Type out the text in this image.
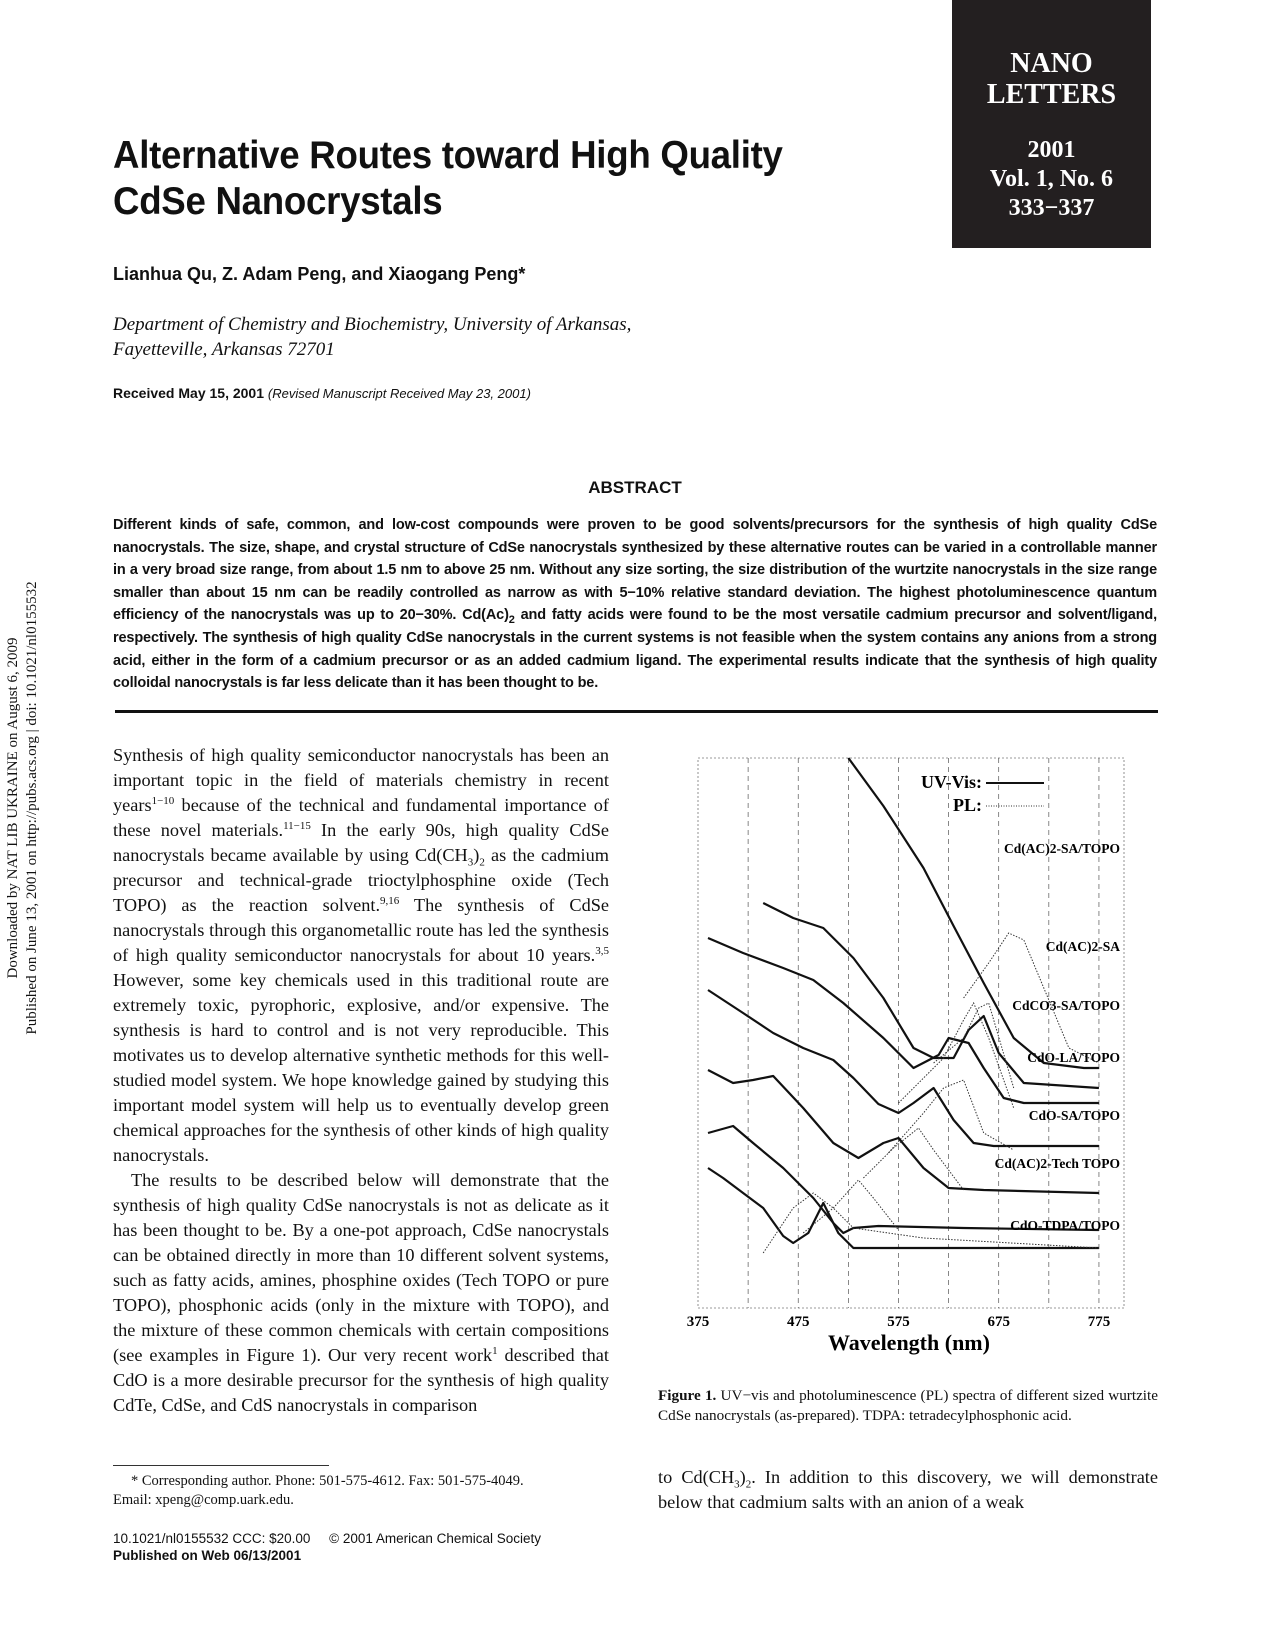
NANO
LETTERS
2001
Vol. 1, No. 6
333−337
Alternative Routes toward High Quality
CdSe Nanocrystals
Lianhua Qu, Z. Adam Peng, and Xiaogang Peng*
Department of Chemistry and Biochemistry, University of Arkansas,
Fayetteville, Arkansas 72701
Received May 15, 2001 (Revised Manuscript Received May 23, 2001)
Downloaded by NAT LIB UKRAINE on August 6, 2009 Published on June 13, 2001 on http://pubs.acs.org | doi: 10.1021/nl0155532
ABSTRACT
Different kinds of safe, common, and low-cost compounds were proven to be good solvents/precursors for the synthesis of high quality CdSe nanocrystals. The size, shape, and crystal structure of CdSe nanocrystals synthesized by these alternative routes can be varied in a controllable manner in a very broad size range, from about 1.5 nm to above 25 nm. Without any size sorting, the size distribution of the wurtzite nanocrystals in the size range smaller than about 15 nm can be readily controlled as narrow as with 5−10% relative standard deviation. The highest photoluminescence quantum efficiency of the nanocrystals was up to 20−30%. $Cd(Ac)_2$ and fatty acids were found to be the most versatile cadmium precursor and solvent/ligand, respectively. The synthesis of high quality CdSe nanocrystals in the current systems is not feasible when the system contains any anions from a strong acid, either in the form of a cadmium precursor or as an added cadmium ligand. The experimental results indicate that the synthesis of high quality colloidal nanocrystals is far less delicate than it has been thought to be.

Synthesis of high quality semiconductor nanocrystals has been an important topic in the field of materials chemistry in recent years$^{1-10}$ because of the technical and fundamental importance of these novel materials.$^{11-15}$ In the early 90s, high quality CdSe nanocrystals became available by using $Cd(CH_3)_2$ as the cadmium precursor and technical-grade trioctylphosphine oxide (Tech TOPO) as the reaction solvent.$^{9,16}$ The synthesis of CdSe nanocrystals through this organometallic route has led the synthesis of high quality semiconductor nanocrystals for about 10 years.$^{3,5}$ However, some key chemicals used in this traditional route are extremely toxic, pyrophoric, explosive, and/or expensive. The synthesis is hard to control and is not very reproducible. This motivates us to develop alternative synthetic methods for this well-studied model system. We hope knowledge gained by studying this important model system will help us to eventually develop green chemical approaches for the synthesis of other kinds of high quality nanocrystals.

The results to be described below will demonstrate that the synthesis of high quality CdSe nanocrystals is not as delicate as it has been thought to be. By a one-pot approach, CdSe nanocrystals can be obtained directly in more than 10 different solvent systems, such as fatty acids, amines, phosphine oxides (Tech TOPO or pure TOPO), phosphonic acids (only in the mixture with TOPO), and the mixture of these common chemicals with certain compositions (see examples in Figure 1). Our very recent work$^1$ described that CdO is a more desirable precursor for the synthesis of high quality CdTe, CdSe, and CdS nanocrystals in comparison

* Corresponding author. Phone: 501-575-4612. Fax: 501-575-4049.
Email: xpeng@comp.uark.edu.
10.1021/nl0155532 CCC: $20.00 © 2001 American Chemical Society
Published on Web 06/13/2001
Cd(AC)2-SA/TOPO
Cd(AC)2-SA
CdCO3-SA/TOPO
CdO-LA/TOPO
CdO-SA/TOPO
Cd(AC)2-Tech TOPO
CdO-TDPA/TOPO
375	475	575	675	775
Wavelength (nm)
UV-Vis:
PL:
Figure 1. UV−vis and photoluminescence (PL) spectra of different sized wurtzite CdSe nanocrystals (as-prepared). TDPA: tetradecylphosphonic acid.
to $Cd(CH_3)_2$. In addition to this discovery, we will demonstrate below that cadmium salts with an anion of a weak
